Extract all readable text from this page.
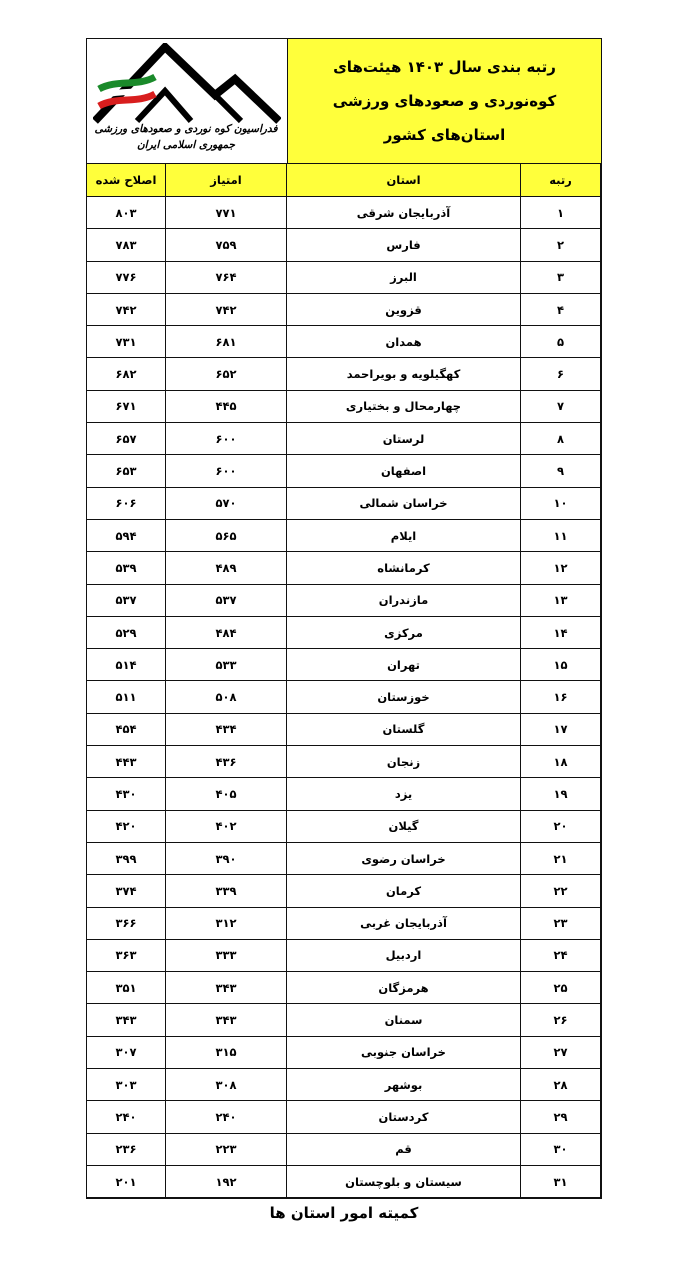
رتبه بندی سال ۱۴۰۳ هیئت‌های
کوه‌نوردی و صعودهای ورزشی
استان‌های کشور
فدراسیون کوه نوردی و صعودهای ورزشی
جمهوری اسلامی ایران
رتبه	استان	امتیاز	اصلاح شده
۱	آذربایجان شرقی	۷۷۱	۸۰۳
۲	فارس	۷۵۹	۷۸۳
۳	البرز	۷۶۴	۷۷۶
۴	قزوین	۷۴۲	۷۴۲
۵	همدان	۶۸۱	۷۳۱
۶	کهگیلویه و بویراحمد	۶۵۲	۶۸۲
۷	چهارمحال و بختیاری	۴۴۵	۶۷۱
۸	لرستان	۶۰۰	۶۵۷
۹	اصفهان	۶۰۰	۶۵۳
۱۰	خراسان شمالی	۵۷۰	۶۰۶
۱۱	ایلام	۵۶۵	۵۹۴
۱۲	کرمانشاه	۴۸۹	۵۳۹
۱۳	مازندران	۵۳۷	۵۳۷
۱۴	مرکزی	۴۸۴	۵۲۹
۱۵	تهران	۵۳۳	۵۱۴
۱۶	خوزستان	۵۰۸	۵۱۱
۱۷	گلستان	۴۳۴	۴۵۴
۱۸	زنجان	۴۳۶	۴۴۳
۱۹	یزد	۴۰۵	۴۳۰
۲۰	گیلان	۴۰۲	۴۲۰
۲۱	خراسان رضوی	۳۹۰	۳۹۹
۲۲	کرمان	۳۳۹	۳۷۴
۲۳	آذربایجان غربی	۳۱۲	۳۶۶
۲۴	اردبیل	۳۳۳	۳۶۳
۲۵	هرمزگان	۳۴۳	۳۵۱
۲۶	سمنان	۳۴۳	۳۴۳
۲۷	خراسان جنوبی	۳۱۵	۳۰۷
۲۸	بوشهر	۳۰۸	۳۰۳
۲۹	کردستان	۲۴۰	۲۴۰
۳۰	قم	۲۲۳	۲۳۶
۳۱	سیستان و بلوچستان	۱۹۲	۲۰۱
کمیته امور استان ها
